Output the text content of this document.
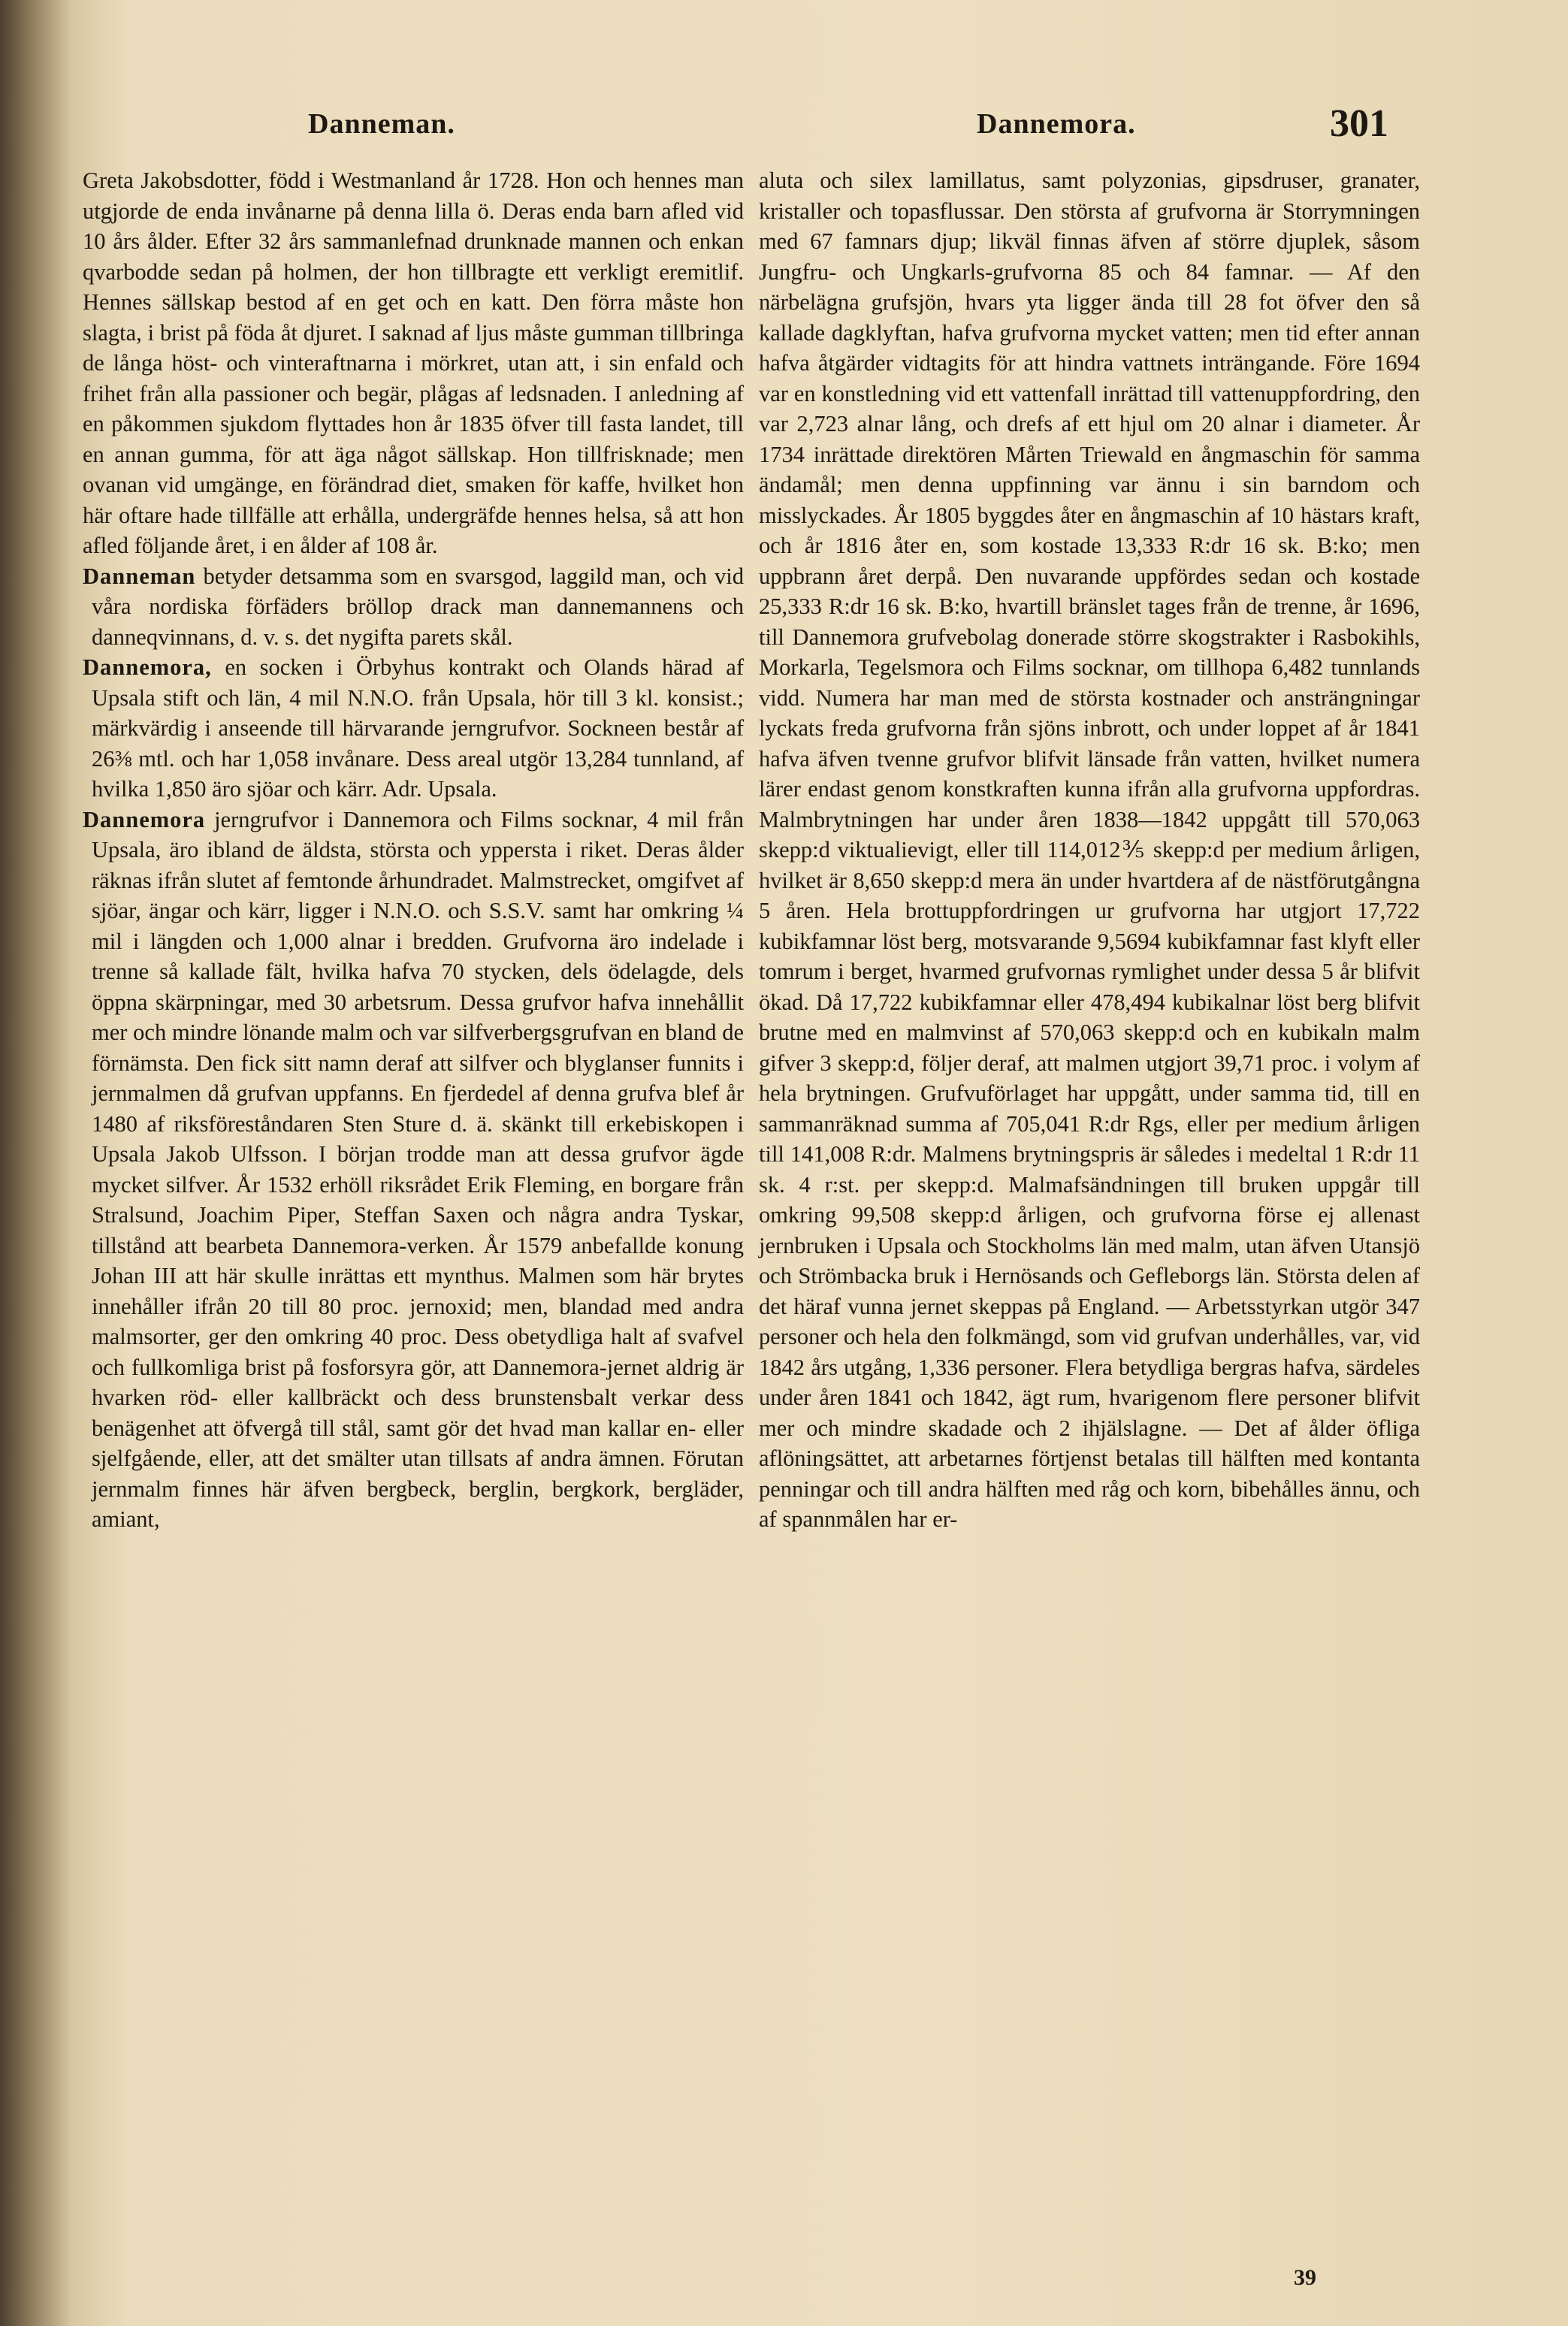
Danneman.	Dannemora.	301

Greta Jakobsdotter, född i Westmanland år 1728. Hon och hennes man utgjorde de enda invånarne på denna lilla ö. Deras enda barn afled vid 10 års ålder. Efter 32 års sammanlefnad drunknade mannen och enkan qvarbodde sedan på holmen, der hon tillbragte ett verkligt eremitlif. Hennes sällskap bestod af en get och en katt. Den förra måste hon slagta, i brist på föda åt djuret. I saknad af ljus måste gumman tillbringa de långa höst- och vinteraftnarna i mörkret, utan att, i sin enfald och frihet från alla passioner och begär, plågas af ledsnaden. I anledning af en påkommen sjukdom flyttades hon år 1835 öfver till fasta landet, till en annan gumma, för att äga något sällskap. Hon tillfrisknade; men ovanan vid umgänge, en förändrad diet, smaken för kaffe, hvilket hon här oftare hade tillfälle att erhålla, undergräfde hennes helsa, så att hon afled följande året, i en ålder af 108 år.

Danneman betyder detsamma som en svarsgod, laggild man, och vid våra nordiska förfäders bröllop drack man dannemannens och danneqvinnans, d. v. s. det nygifta parets skål.

Dannemora, en socken i Örbyhus kontrakt och Olands härad af Upsala stift och län, 4 mil N.N.O. från Upsala, hör till 3 kl. konsist.; märkvärdig i anseende till härvarande jerngrufvor. Sockneen består af 26⅜ mtl. och har 1,058 invånare. Dess areal utgör 13,284 tunnland, af hvilka 1,850 äro sjöar och kärr. Adr. Upsala.

Dannemora jerngrufvor i Dannemora och Films socknar, 4 mil från Upsala, äro ibland de äldsta, största och yppersta i riket. Deras ålder räknas ifrån slutet af femtonde århundradet. Malmstrecket, omgifvet af sjöar, ängar och kärr, ligger i N.N.O. och S.S.V. samt har omkring ¼ mil i längden och 1,000 alnar i bredden. Grufvorna äro indelade i trenne så kallade fält, hvilka hafva 70 stycken, dels ödelagde, dels öppna skärpningar, med 30 arbetsrum. Dessa grufvor hafva innehållit mer och mindre lönande malm och var silfverbergsgrufvan en bland de förnämsta. Den fick sitt namn deraf att silfver och blyglanser funnits i jernmalmen då grufvan uppfanns. En fjerdedel af denna grufva blef år 1480 af riksföreståndaren Sten Sture d. ä. skänkt till erkebiskopen i Upsala Jakob Ulfsson. I början trodde man att dessa grufvor ägde mycket silfver. År 1532 erhöll riksrådet Erik Fleming, en borgare från Stralsund, Joachim Piper, Steffan Saxen och några andra Tyskar, tillstånd att bearbeta Dannemora-verken. År 1579 anbefallde konung Johan III att här skulle inrättas ett mynthus. Malmen som här brytes innehåller ifrån 20 till 80 proc. jernoxid; men, blandad med andra malmsorter, ger den omkring 40 proc. Dess obetydliga halt af svafvel och fullkomliga brist på fosforsyra gör, att Dannemora-jernet aldrig är hvarken röd- eller kallbräckt och dess brunstensbalt verkar dess benägenhet att öfvergå till stål, samt gör det hvad man kallar en- eller sjelfgående, eller, att det smälter utan tillsats af andra ämnen. Förutan jernmalm finnes här äfven bergbeck, berglin, bergkork, bergläder, amiant,

aluta och silex lamillatus, samt polyzonias, gipsdruser, granater, kristaller och topasflussar. Den största af grufvorna är Storrymningen med 67 famnars djup; likväl finnas äfven af större djuplek, såsom Jungfru- och Ungkarls-grufvorna 85 och 84 famnar. — Af den närbelägna grufsjön, hvars yta ligger ända till 28 fot öfver den så kallade dagklyftan, hafva grufvorna mycket vatten; men tid efter annan hafva åtgärder vidtagits för att hindra vattnets inträngande. Före 1694 var en konstledning vid ett vattenfall inrättad till vattenuppfordring, den var 2,723 alnar lång, och drefs af ett hjul om 20 alnar i diameter. År 1734 inrättade direktören Mårten Triewald en ångmaschin för samma ändamål; men denna uppfinning var ännu i sin barndom och misslyckades. År 1805 byggdes åter en ångmaschin af 10 hästars kraft, och år 1816 åter en, som kostade 13,333 R:dr 16 sk. B:ko; men uppbrann året derpå. Den nuvarande uppfördes sedan och kostade 25,333 R:dr 16 sk. B:ko, hvartill bränslet tages från de trenne, år 1696, till Dannemora grufvebolag donerade större skogstrakter i Rasbokihls, Morkarla, Tegelsmora och Films socknar, om tillhopa 6,482 tunnlands vidd. Numera har man med de största kostnader och ansträngningar lyckats freda grufvorna från sjöns inbrott, och under loppet af år 1841 hafva äfven tvenne grufvor blifvit länsade från vatten, hvilket numera lärer endast genom konstkraften kunna ifrån alla grufvorna uppfordras. Malmbrytningen har under åren 1838—1842 uppgått till 570,063 skepp:d viktualievigt, eller till 114,012⅗ skepp:d per medium årligen, hvilket är 8,650 skepp:d mera än under hvartdera af de nästförutgångna 5 åren. Hela brottuppfordringen ur grufvorna har utgjort 17,722 kubikfamnar löst berg, motsvarande 9,5694 kubikfamnar fast klyft eller tomrum i berget, hvarmed grufvornas rymlighet under dessa 5 år blifvit ökad. Då 17,722 kubikfamnar eller 478,494 kubikalnar löst berg blifvit brutne med en malmvinst af 570,063 skepp:d och en kubikaln malm gifver 3 skepp:d, följer deraf, att malmen utgjort 39,71 proc. i volym af hela brytningen. Grufvuförlaget har uppgått, under samma tid, till en sammanräknad summa af 705,041 R:dr Rgs, eller per medium årligen till 141,008 R:dr. Malmens brytningspris är således i medeltal 1 R:dr 11 sk. 4 r:st. per skepp:d. Malmafsändningen till bruken uppgår till omkring 99,508 skepp:d årligen, och grufvorna förse ej allenast jernbruken i Upsala och Stockholms län med malm, utan äfven Utansjö och Strömbacka bruk i Hernösands och Gefleborgs län. Största delen af det häraf vunna jernet skeppas på England. — Arbetsstyrkan utgör 347 personer och hela den folkmängd, som vid grufvan underhålles, var, vid 1842 års utgång, 1,336 personer. Flera betydliga bergras hafva, särdeles under åren 1841 och 1842, ägt rum, hvarigenom flere personer blifvit mer och mindre skadade och 2 ihjälslagne. — Det af ålder öfliga aflöningsättet, att arbetarnes förtjenst betalas till hälften med kontanta penningar och till andra hälften med råg och korn, bibehålles ännu, och af spannmålen har er-

39
